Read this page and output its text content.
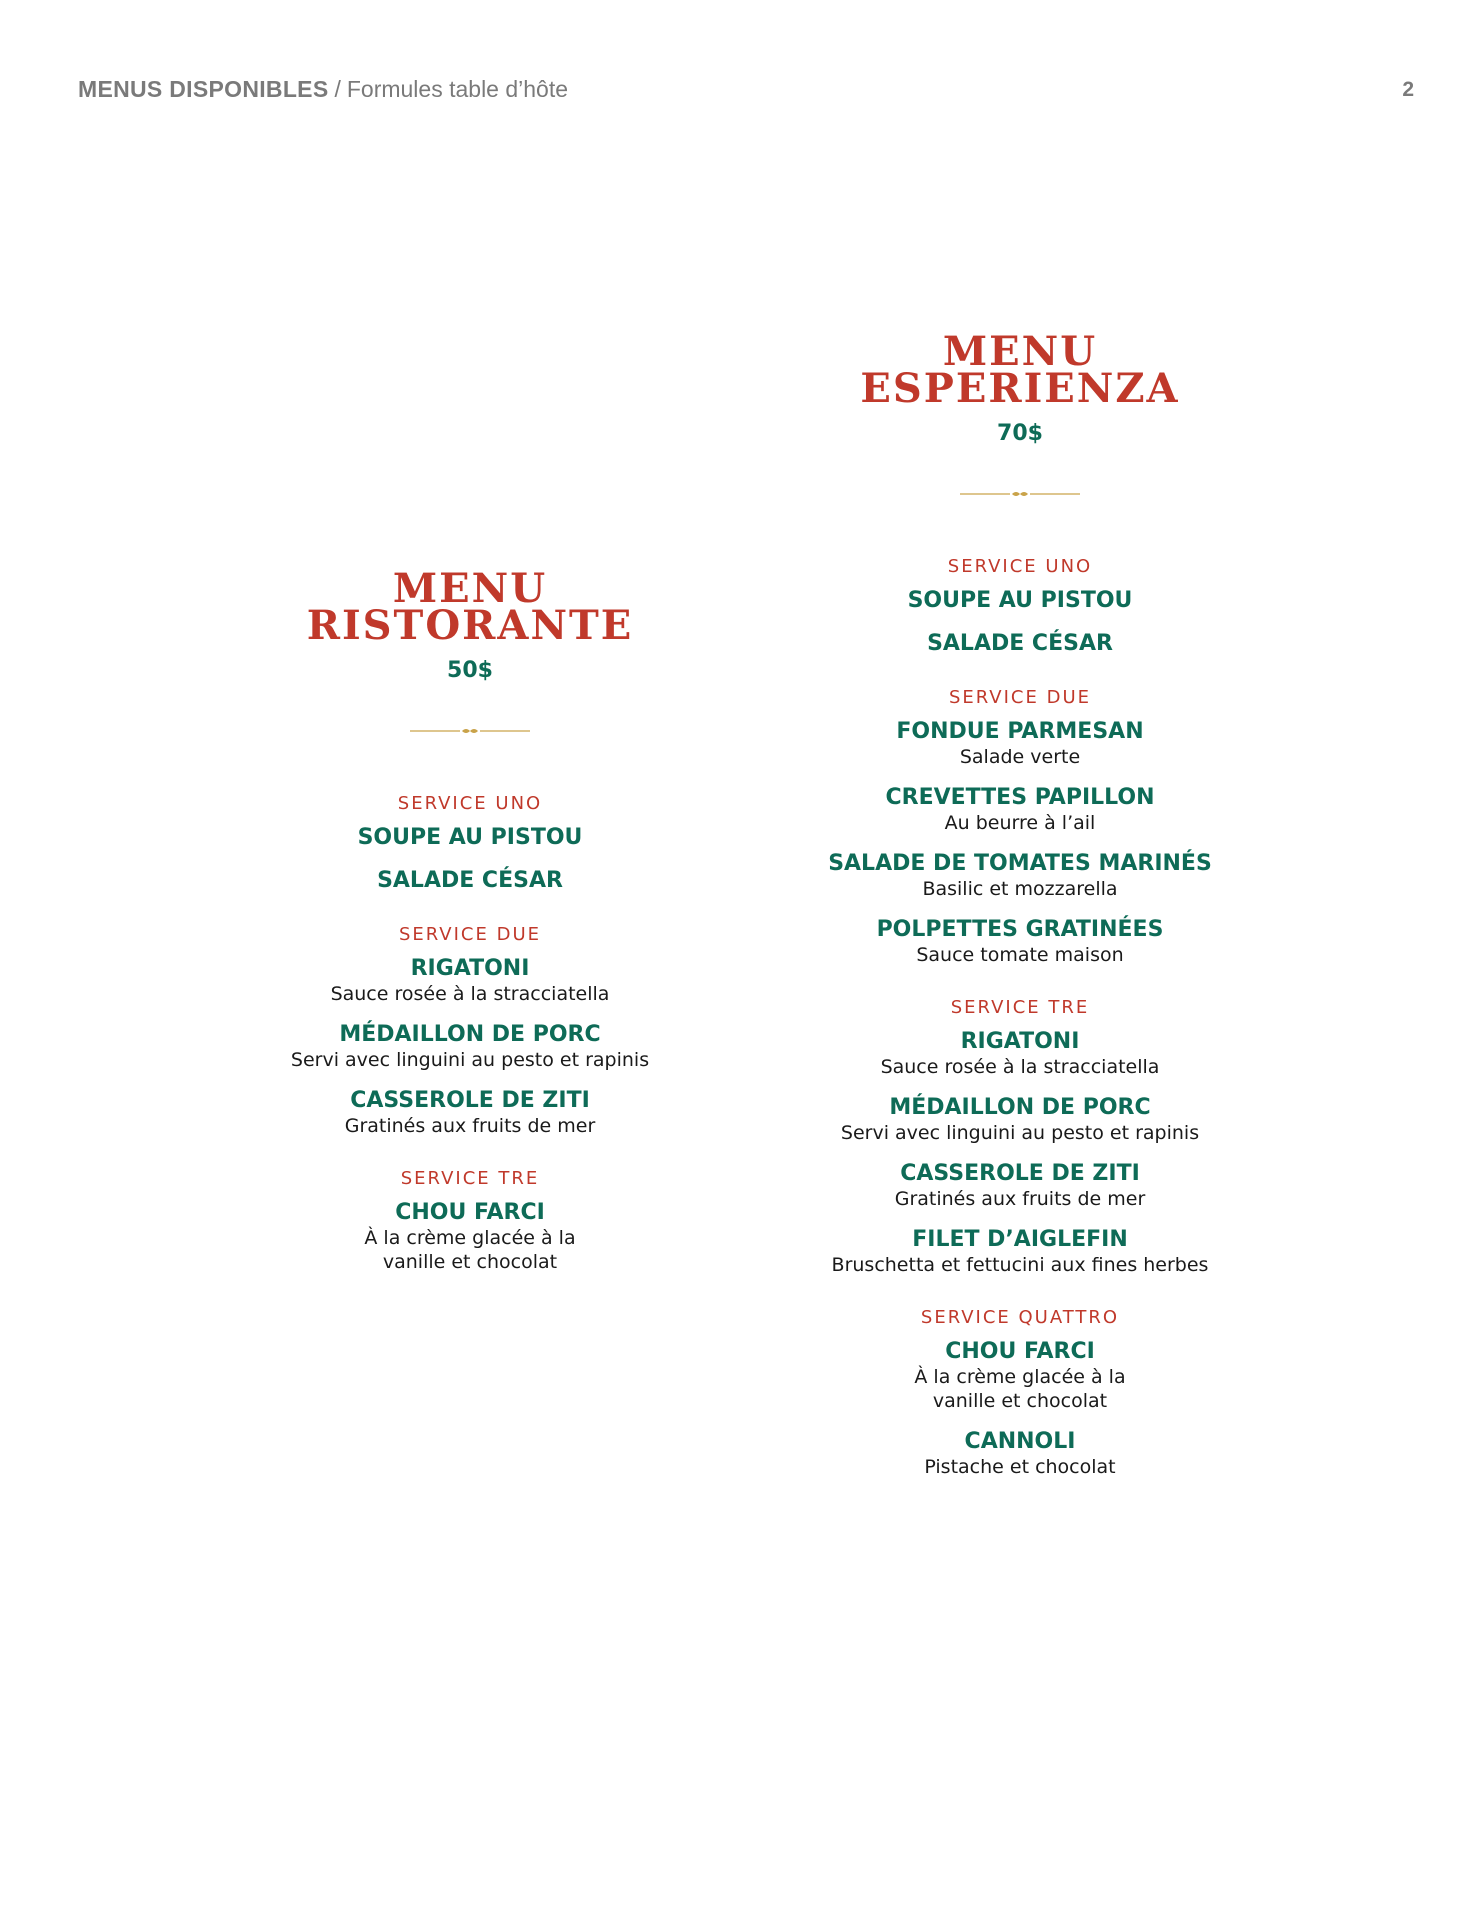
MENUS DISPONIBLES / Formules table d’hôte	2
MENU
RISTORANTE
50$
SERVICE UNO
SOUPE AU PISTOU
SALADE CÉSAR
SERVICE DUE
RIGATONI
Sauce rosée à la stracciatella
MÉDAILLON DE PORC
Servi avec linguini au pesto et rapinis
CASSEROLE DE ZITI
Gratinés aux fruits de mer
SERVICE TRE
CHOU FARCI
À la crème glacée à la
vanille et chocolat
MENU
ESPERIENZA
70$
SERVICE UNO
SOUPE AU PISTOU
SALADE CÉSAR
SERVICE DUE
FONDUE PARMESAN
Salade verte
CREVETTES PAPILLON
Au beurre à l’ail
SALADE DE TOMATES MARINÉS
Basilic et mozzarella
POLPETTES GRATINÉES
Sauce tomate maison
SERVICE TRE
RIGATONI
Sauce rosée à la stracciatella
MÉDAILLON DE PORC
Servi avec linguini au pesto et rapinis
CASSEROLE DE ZITI
Gratinés aux fruits de mer
FILET D’AIGLEFIN
Bruschetta et fettucini aux fines herbes
SERVICE QUATTRO
CHOU FARCI
À la crème glacée à la
vanille et chocolat
CANNOLI
Pistache et chocolat
